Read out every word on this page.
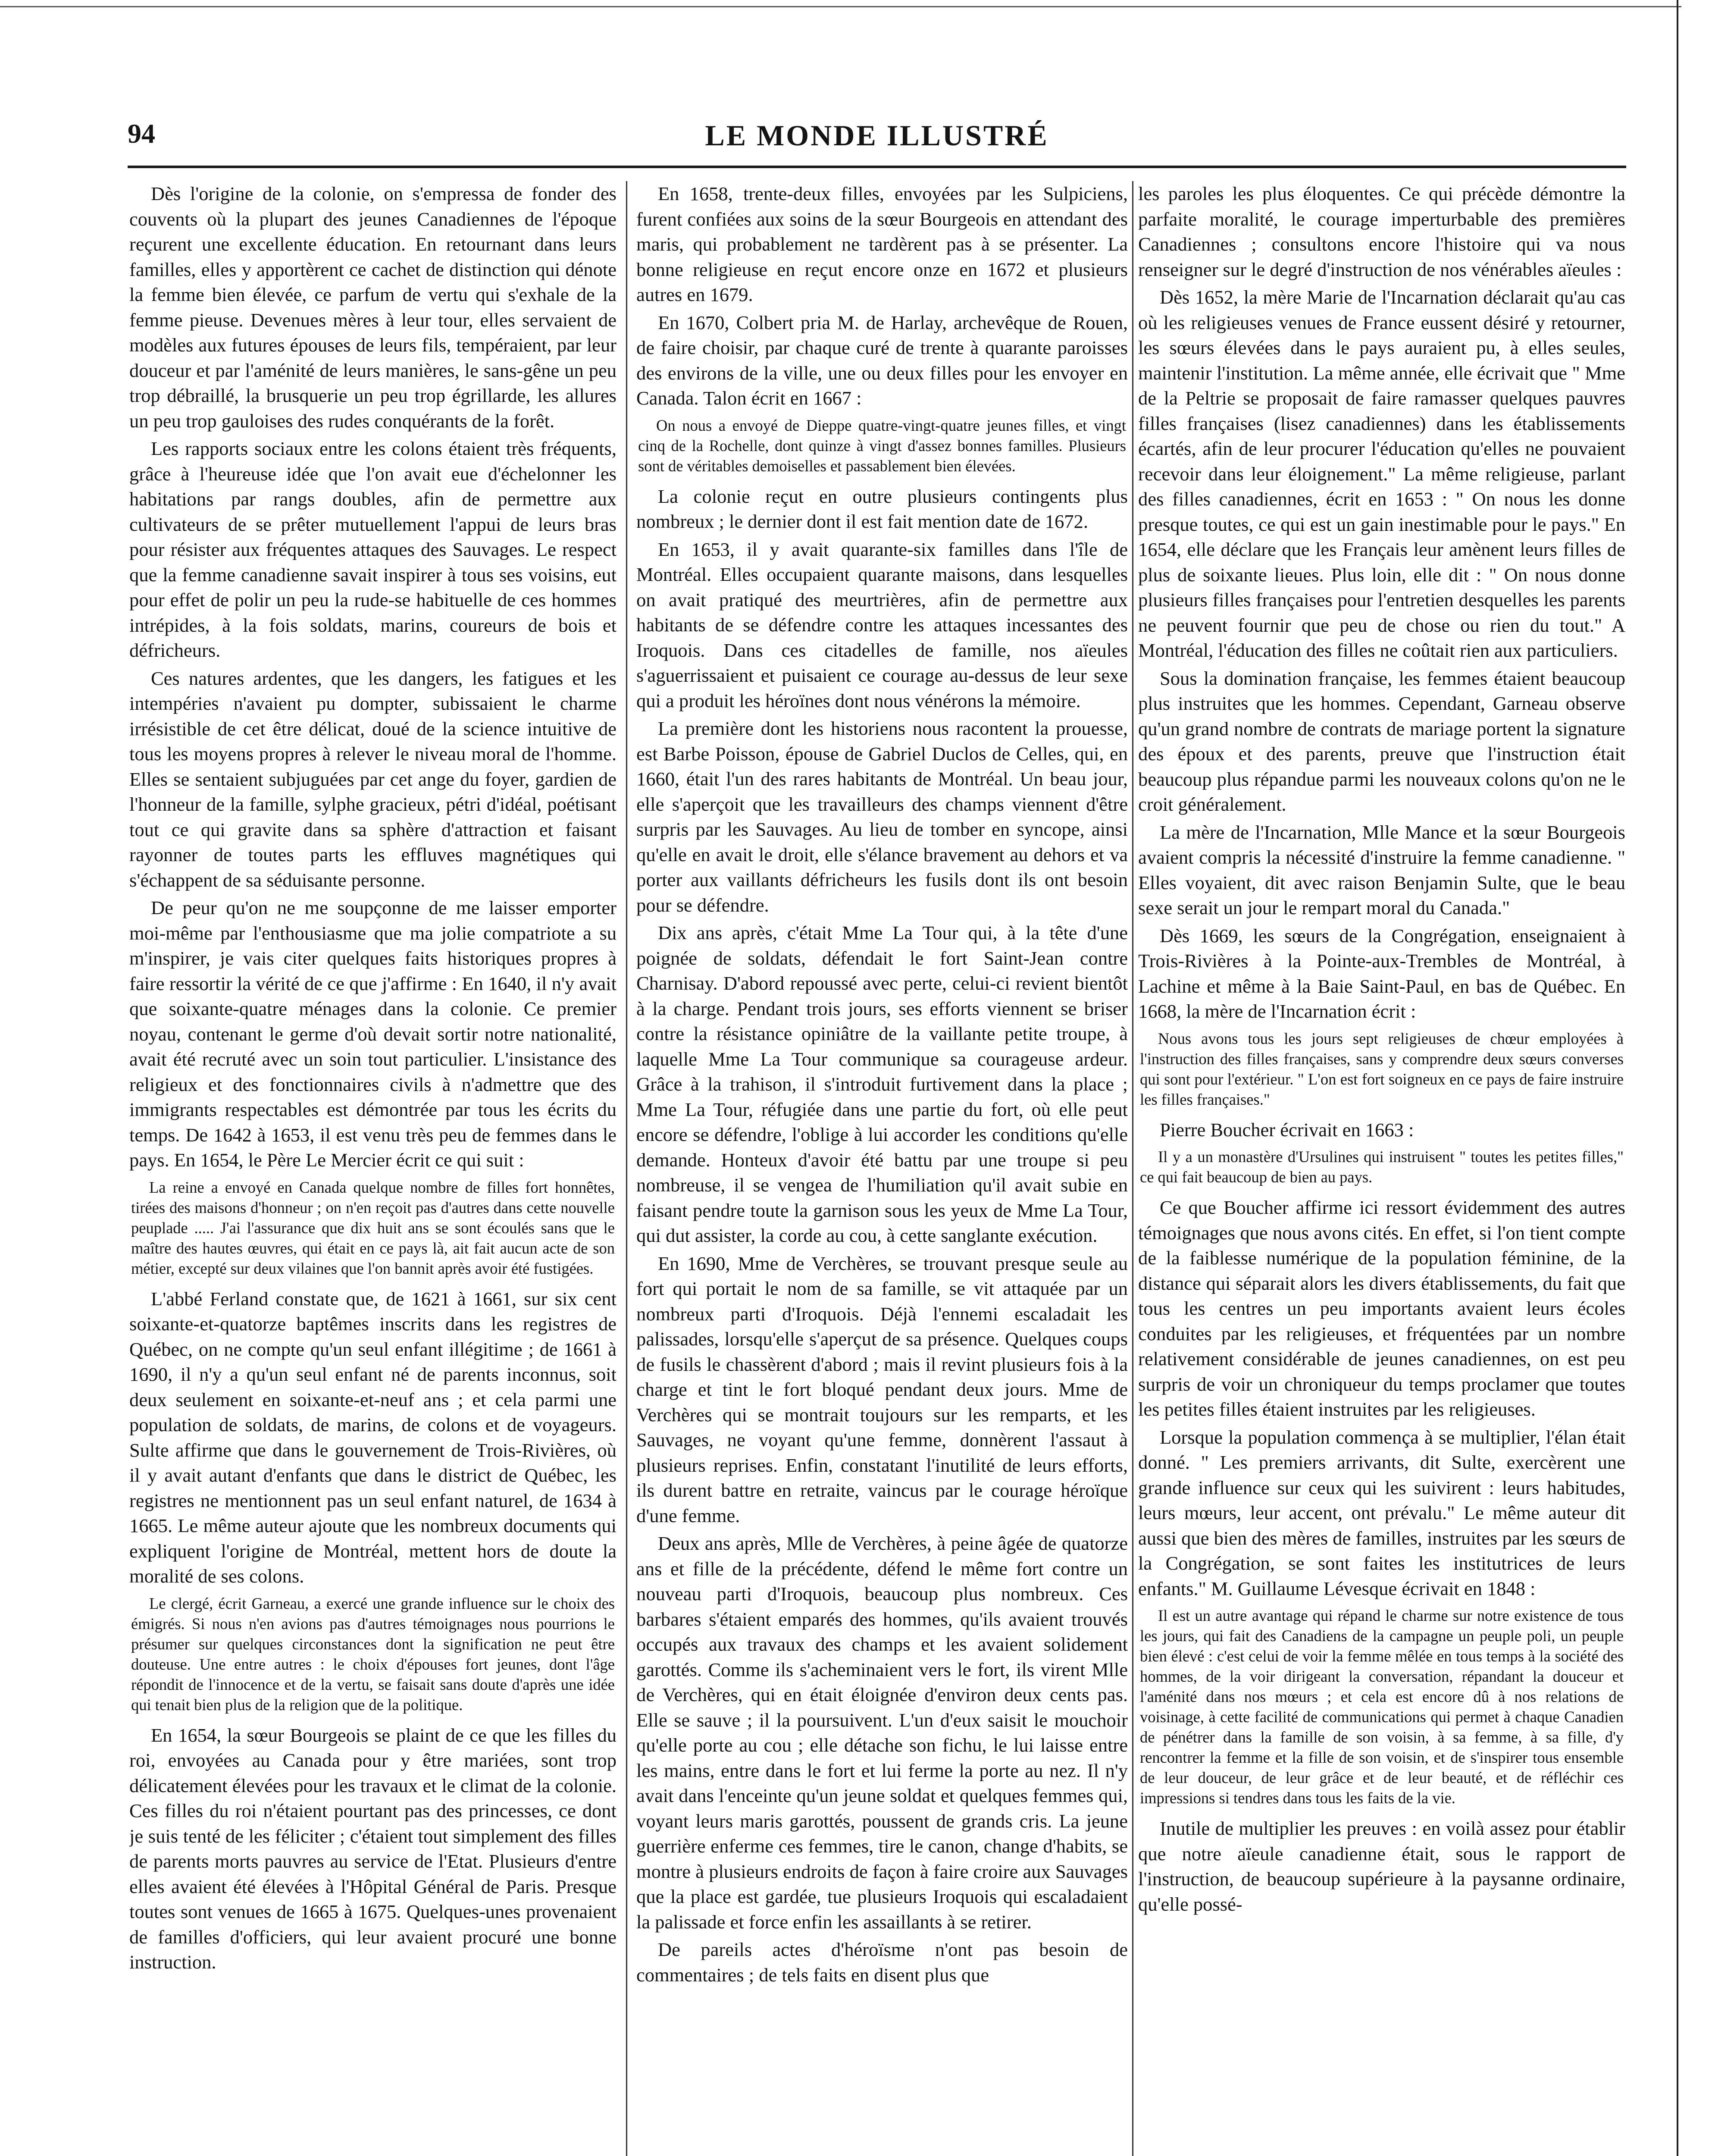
94	LE MONDE ILLUSTRÉ

Dès l'origine de la colonie, on s'empressa de fonder des couvents où la plupart des jeunes Canadiennes de l'époque reçurent une excellente éducation. En retournant dans leurs familles, elles y apportèrent ce cachet de distinction qui dénote la femme bien élevée, ce parfum de vertu qui s'exhale de la femme pieuse. Devenues mères à leur tour, elles servaient de modèles aux futures épouses de leurs fils, tempéraient, par leur douceur et par l'aménité de leurs manières, le sans-gêne un peu trop débraillé, la brusquerie un peu trop égrillarde, les allures un peu trop gauloises des rudes conquérants de la forêt.

Les rapports sociaux entre les colons étaient très fréquents, grâce à l'heureuse idée que l'on avait eue d'échelonner les habitations par rangs doubles, afin de permettre aux cultivateurs de se prêter mutuellement l'appui de leurs bras pour résister aux fréquentes attaques des Sauvages. Le respect que la femme canadienne savait inspirer à tous ses voisins, eut pour effet de polir un peu la rude-se habituelle de ces hommes intrépides, à la fois soldats, marins, coureurs de bois et défricheurs.

Ces natures ardentes, que les dangers, les fatigues et les intempéries n'avaient pu dompter, subissaient le charme irrésistible de cet être délicat, doué de la science intuitive de tous les moyens propres à relever le niveau moral de l'homme. Elles se sentaient subjuguées par cet ange du foyer, gardien de l'honneur de la famille, sylphe gracieux, pétri d'idéal, poétisant tout ce qui gravite dans sa sphère d'attraction et faisant rayonner de toutes parts les effluves magnétiques qui s'échappent de sa séduisante personne.

De peur qu'on ne me soupçonne de me laisser emporter moi-même par l'enthousiasme que ma jolie compatriote a su m'inspirer, je vais citer quelques faits historiques propres à faire ressortir la vérité de ce que j'affirme : En 1640, il n'y avait que soixante-quatre ménages dans la colonie. Ce premier noyau, contenant le germe d'où devait sortir notre nationalité, avait été recruté avec un soin tout particulier. L'insistance des religieux et des fonctionnaires civils à n'admettre que des immigrants respectables est démontrée par tous les écrits du temps. De 1642 à 1653, il est venu très peu de femmes dans le pays. En 1654, le Père Le Mercier écrit ce qui suit :

La reine a envoyé en Canada quelque nombre de filles fort honnêtes, tirées des maisons d'honneur ; on n'en reçoit pas d'autres dans cette nouvelle peuplade ..... J'ai l'assurance que dix huit ans se sont écoulés sans que le maître des hautes œuvres, qui était en ce pays là, ait fait aucun acte de son métier, excepté sur deux vilaines que l'on bannit après avoir été fustigées.

L'abbé Ferland constate que, de 1621 à 1661, sur six cent soixante-et-quatorze baptêmes inscrits dans les registres de Québec, on ne compte qu'un seul enfant illégitime ; de 1661 à 1690, il n'y a qu'un seul enfant né de parents inconnus, soit deux seulement en soixante-et-neuf ans ; et cela parmi une population de soldats, de marins, de colons et de voyageurs. Sulte affirme que dans le gouvernement de Trois-Rivières, où il y avait autant d'enfants que dans le district de Québec, les registres ne mentionnent pas un seul enfant naturel, de 1634 à 1665. Le même auteur ajoute que les nombreux documents qui expliquent l'origine de Montréal, mettent hors de doute la moralité de ses colons.

Le clergé, écrit Garneau, a exercé une grande influence sur le choix des émigrés. Si nous n'en avions pas d'autres témoignages nous pourrions le présumer sur quelques circonstances dont la signification ne peut être douteuse. Une entre autres : le choix d'épouses fort jeunes, dont l'âge répondit de l'innocence et de la vertu, se faisait sans doute d'après une idée qui tenait bien plus de la religion que de la politique.

En 1654, la sœur Bourgeois se plaint de ce que les filles du roi, envoyées au Canada pour y être mariées, sont trop délicatement élevées pour les travaux et le climat de la colonie. Ces filles du roi n'étaient pourtant pas des princesses, ce dont je suis tenté de les féliciter ; c'étaient tout simplement des filles de parents morts pauvres au service de l'Etat. Plusieurs d'entre elles avaient été élevées à l'Hôpital Général de Paris. Presque toutes sont venues de 1665 à 1675. Quelques-unes provenaient de familles d'officiers, qui leur avaient procuré une bonne instruction.

En 1658, trente-deux filles, envoyées par les Sulpiciens, furent confiées aux soins de la sœur Bourgeois en attendant des maris, qui probablement ne tardèrent pas à se présenter. La bonne religieuse en reçut encore onze en 1672 et plusieurs autres en 1679.

En 1670, Colbert pria M. de Harlay, archevêque de Rouen, de faire choisir, par chaque curé de trente à quarante paroisses des environs de la ville, une ou deux filles pour les envoyer en Canada. Talon écrit en 1667 :

On nous a envoyé de Dieppe quatre-vingt-quatre jeunes filles, et vingt cinq de la Rochelle, dont quinze à vingt d'assez bonnes familles. Plusieurs sont de véritables demoiselles et passablement bien élevées.

La colonie reçut en outre plusieurs contingents plus nombreux ; le dernier dont il est fait mention date de 1672.

En 1653, il y avait quarante-six familles dans l'île de Montréal. Elles occupaient quarante maisons, dans lesquelles on avait pratiqué des meurtrières, afin de permettre aux habitants de se défendre contre les attaques incessantes des Iroquois. Dans ces citadelles de famille, nos aïeules s'aguerrissaient et puisaient ce courage au-dessus de leur sexe qui a produit les héroïnes dont nous vénérons la mémoire.

La première dont les historiens nous racontent la prouesse, est Barbe Poisson, épouse de Gabriel Duclos de Celles, qui, en 1660, était l'un des rares habitants de Montréal. Un beau jour, elle s'aperçoit que les travailleurs des champs viennent d'être surpris par les Sauvages. Au lieu de tomber en syncope, ainsi qu'elle en avait le droit, elle s'élance bravement au dehors et va porter aux vaillants défricheurs les fusils dont ils ont besoin pour se défendre.

Dix ans après, c'était Mme La Tour qui, à la tête d'une poignée de soldats, défendait le fort Saint-Jean contre Charnisay. D'abord repoussé avec perte, celui-ci revient bientôt à la charge. Pendant trois jours, ses efforts viennent se briser contre la résistance opiniâtre de la vaillante petite troupe, à laquelle Mme La Tour communique sa courageuse ardeur. Grâce à la trahison, il s'introduit furtivement dans la place ; Mme La Tour, réfugiée dans une partie du fort, où elle peut encore se défendre, l'oblige à lui accorder les conditions qu'elle demande. Honteux d'avoir été battu par une troupe si peu nombreuse, il se vengea de l'humiliation qu'il avait subie en faisant pendre toute la garnison sous les yeux de Mme La Tour, qui dut assister, la corde au cou, à cette sanglante exécution.

En 1690, Mme de Verchères, se trouvant presque seule au fort qui portait le nom de sa famille, se vit attaquée par un nombreux parti d'Iroquois. Déjà l'ennemi escaladait les palissades, lorsqu'elle s'aperçut de sa présence. Quelques coups de fusils le chassèrent d'abord ; mais il revint plusieurs fois à la charge et tint le fort bloqué pendant deux jours. Mme de Verchères qui se montrait toujours sur les remparts, et les Sauvages, ne voyant qu'une femme, donnèrent l'assaut à plusieurs reprises. Enfin, constatant l'inutilité de leurs efforts, ils durent battre en retraite, vaincus par le courage héroïque d'une femme.

Deux ans après, Mlle de Verchères, à peine âgée de quatorze ans et fille de la précédente, défend le même fort contre un nouveau parti d'Iroquois, beaucoup plus nombreux. Ces barbares s'étaient emparés des hommes, qu'ils avaient trouvés occupés aux travaux des champs et les avaient solidement garottés. Comme ils s'acheminaient vers le fort, ils virent Mlle de Verchères, qui en était éloignée d'environ deux cents pas. Elle se sauve ; il la poursuivent. L'un d'eux saisit le mouchoir qu'elle porte au cou ; elle détache son fichu, le lui laisse entre les mains, entre dans le fort et lui ferme la porte au nez. Il n'y avait dans l'enceinte qu'un jeune soldat et quelques femmes qui, voyant leurs maris garottés, poussent de grands cris. La jeune guerrière enferme ces femmes, tire le canon, change d'habits, se montre à plusieurs endroits de façon à faire croire aux Sauvages que la place est gardée, tue plusieurs Iroquois qui escaladaient la palissade et force enfin les assaillants à se retirer.

De pareils actes d'héroïsme n'ont pas besoin de commentaires ; de tels faits en disent plus que

les paroles les plus éloquentes. Ce qui précède démontre la parfaite moralité, le courage imperturbable des premières Canadiennes ; consultons encore l'histoire qui va nous renseigner sur le degré d'instruction de nos vénérables aïeules :

Dès 1652, la mère Marie de l'Incarnation déclarait qu'au cas où les religieuses venues de France eussent désiré y retourner, les sœurs élevées dans le pays auraient pu, à elles seules, maintenir l'institution. La même année, elle écrivait que " Mme de la Peltrie se proposait de faire ramasser quelques pauvres filles françaises (lisez canadiennes) dans les établissements écartés, afin de leur procurer l'éducation qu'elles ne pouvaient recevoir dans leur éloignement." La même religieuse, parlant des filles canadiennes, écrit en 1653 : " On nous les donne presque toutes, ce qui est un gain inestimable pour le pays." En 1654, elle déclare que les Français leur amènent leurs filles de plus de soixante lieues. Plus loin, elle dit : " On nous donne plusieurs filles françaises pour l'entretien desquelles les parents ne peuvent fournir que peu de chose ou rien du tout." A Montréal, l'éducation des filles ne coûtait rien aux particuliers.

Sous la domination française, les femmes étaient beaucoup plus instruites que les hommes. Cependant, Garneau observe qu'un grand nombre de contrats de mariage portent la signature des époux et des parents, preuve que l'instruction était beaucoup plus répandue parmi les nouveaux colons qu'on ne le croit généralement.

La mère de l'Incarnation, Mlle Mance et la sœur Bourgeois avaient compris la nécessité d'instruire la femme canadienne. " Elles voyaient, dit avec raison Benjamin Sulte, que le beau sexe serait un jour le rempart moral du Canada."

Dès 1669, les sœurs de la Congrégation, enseignaient à Trois-Rivières à la Pointe-aux-Trembles de Montréal, à Lachine et même à la Baie Saint-Paul, en bas de Québec. En 1668, la mère de l'Incarnation écrit :

Nous avons tous les jours sept religieuses de chœur employées à l'instruction des filles françaises, sans y comprendre deux sœurs converses qui sont pour l'extérieur. " L'on est fort soigneux en ce pays de faire instruire les filles françaises."

Pierre Boucher écrivait en 1663 :

Il y a un monastère d'Ursulines qui instruisent " toutes les petites filles," ce qui fait beaucoup de bien au pays.

Ce que Boucher affirme ici ressort évidemment des autres témoignages que nous avons cités. En effet, si l'on tient compte de la faiblesse numérique de la population féminine, de la distance qui séparait alors les divers établissements, du fait que tous les centres un peu importants avaient leurs écoles conduites par les religieuses, et fréquentées par un nombre relativement considérable de jeunes canadiennes, on est peu surpris de voir un chroniqueur du temps proclamer que toutes les petites filles étaient instruites par les religieuses.

Lorsque la population commença à se multiplier, l'élan était donné. " Les premiers arrivants, dit Sulte, exercèrent une grande influence sur ceux qui les suivirent : leurs habitudes, leurs mœurs, leur accent, ont prévalu." Le même auteur dit aussi que bien des mères de familles, instruites par les sœurs de la Congrégation, se sont faites les institutrices de leurs enfants." M. Guillaume Lévesque écrivait en 1848 :

Il est un autre avantage qui répand le charme sur notre existence de tous les jours, qui fait des Canadiens de la campagne un peuple poli, un peuple bien élevé : c'est celui de voir la femme mêlée en tous temps à la société des hommes, de la voir dirigeant la conversation, répandant la douceur et l'aménité dans nos mœurs ; et cela est encore dû à nos relations de voisinage, à cette facilité de communications qui permet à chaque Canadien de pénétrer dans la famille de son voisin, à sa femme, à sa fille, d'y rencontrer la femme et la fille de son voisin, et de s'inspirer tous ensemble de leur douceur, de leur grâce et de leur beauté, et de réfléchir ces impressions si tendres dans tous les faits de la vie.

Inutile de multiplier les preuves : en voilà assez pour établir que notre aïeule canadienne était, sous le rapport de l'instruction, de beaucoup supérieure à la paysanne ordinaire, qu'elle possé-
